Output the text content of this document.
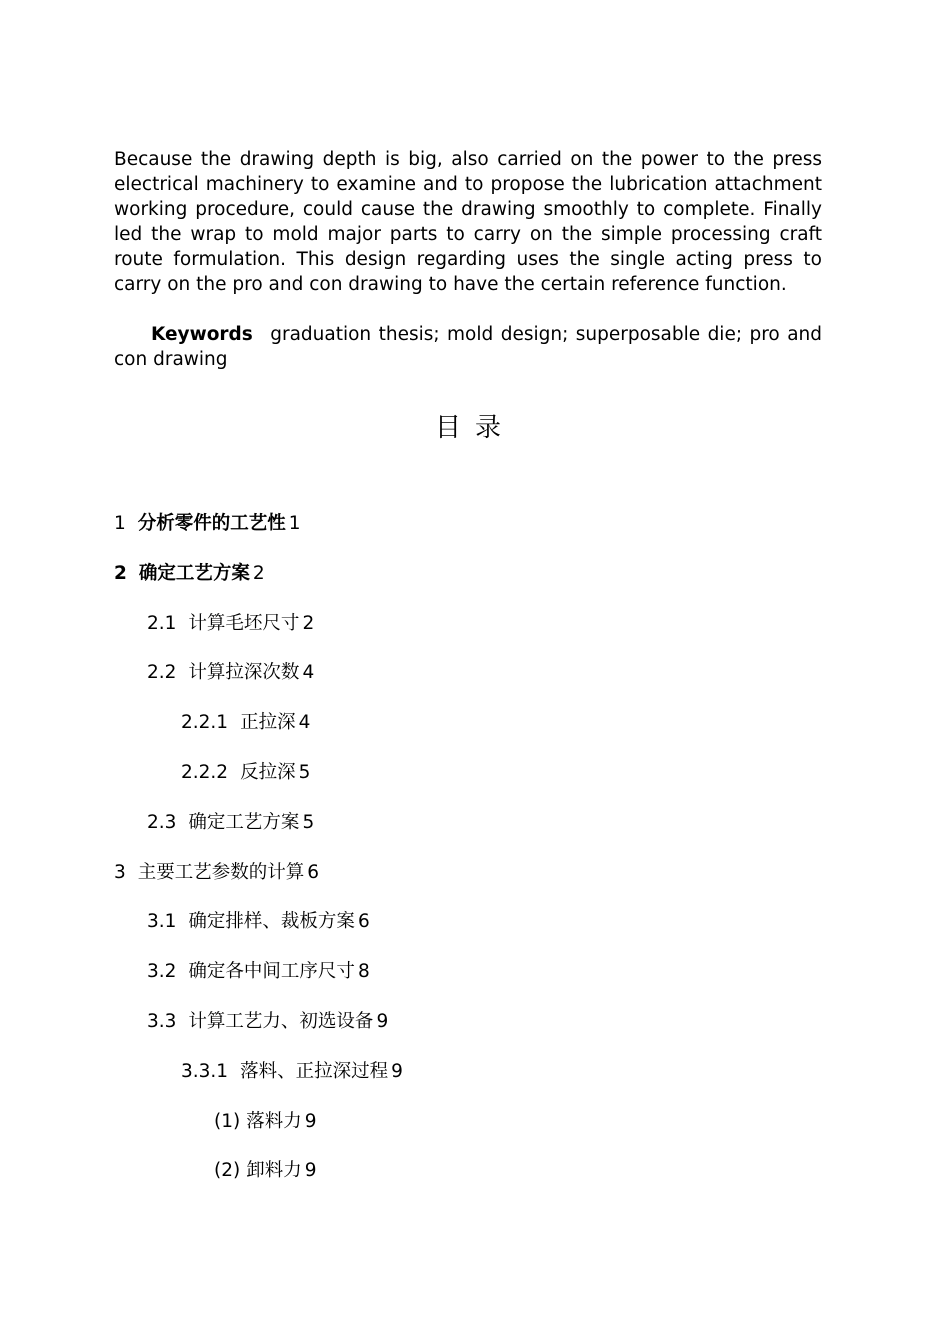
Because the drawing depth is big, also carried on the power to the press electrical machinery to examine and to propose the lubrication attachment working procedure, could cause the drawing smoothly to complete. Finally led the wrap to mold major parts to carry on the simple processing craft route formulation. This design regarding uses the single acting press to carry on the pro and con drawing to have the certain reference function.

Keywords graduation thesis; mold design; superposable die; pro and con drawing

目录
1 分析零件的工艺性 1
2 确定工艺方案 2
2.1 计算毛坯尺寸 2
2.2 计算拉深次数 4
2.2.1 正拉深 4
2.2.2 反拉深 5
2.3 确定工艺方案 5
3 主要工艺参数的计算 6
3.1 确定排样、裁板方案 6
3.2 确定各中间工序尺寸 8
3.3 计算工艺力、初选设备 9
3.3.1 落料、正拉深过程 9
(1) 落料力 9
(2) 卸料力 9
